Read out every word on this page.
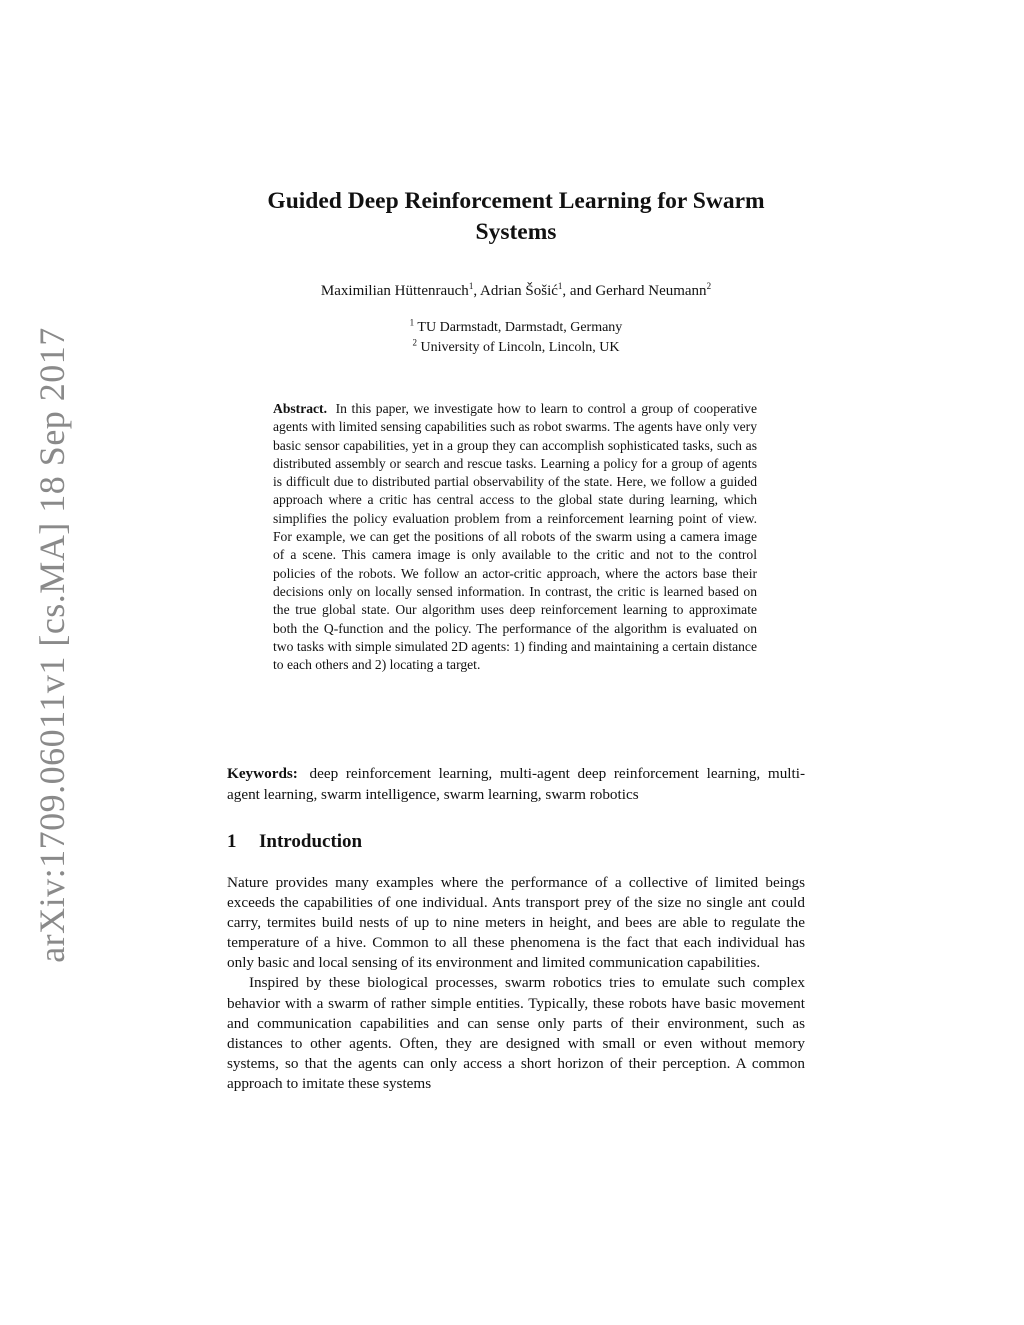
arXiv:1709.06011v1 [cs.MA] 18 Sep 2017
Guided Deep Reinforcement Learning for Swarm Systems
Maximilian Hüttenrauch$^1$, Adrian Šošić$^1$, and Gerhard Neumann$^2$
$^1$ TU Darmstadt, Darmstadt, Germany
$^2$ University of Lincoln, Lincoln, UK
Abstract. In this paper, we investigate how to learn to control a group of cooperative agents with limited sensing capabilities such as robot swarms. The agents have only very basic sensor capabilities, yet in a group they can accomplish sophisticated tasks, such as distributed assembly or search and rescue tasks. Learning a policy for a group of agents is difficult due to distributed partial observability of the state. Here, we follow a guided approach where a critic has central access to the global state during learning, which simplifies the policy evaluation problem from a reinforcement learning point of view. For example, we can get the positions of all robots of the swarm using a camera image of a scene. This camera image is only available to the critic and not to the control policies of the robots. We follow an actor-critic approach, where the actors base their decisions only on locally sensed information. In contrast, the critic is learned based on the true global state. Our algorithm uses deep reinforcement learning to approximate both the Q-function and the policy. The performance of the algorithm is evaluated on two tasks with simple simulated 2D agents: 1) finding and maintaining a certain distance to each others and 2) locating a target.
Keywords: deep reinforcement learning, multi-agent deep reinforcement learning, multi-agent learning, swarm intelligence, swarm learning, swarm robotics
1 Introduction

Nature provides many examples where the performance of a collective of limited beings exceeds the capabilities of one individual. Ants transport prey of the size no single ant could carry, termites build nests of up to nine meters in height, and bees are able to regulate the temperature of a hive. Common to all these phenomena is the fact that each individual has only basic and local sensing of its environment and limited communication capabilities.

Inspired by these biological processes, swarm robotics tries to emulate such complex behavior with a swarm of rather simple entities. Typically, these robots have basic movement and communication capabilities and can sense only parts of their environment, such as distances to other agents. Often, they are designed with small or even without memory systems, so that the agents can only access a short horizon of their perception. A common approach to imitate these systems
